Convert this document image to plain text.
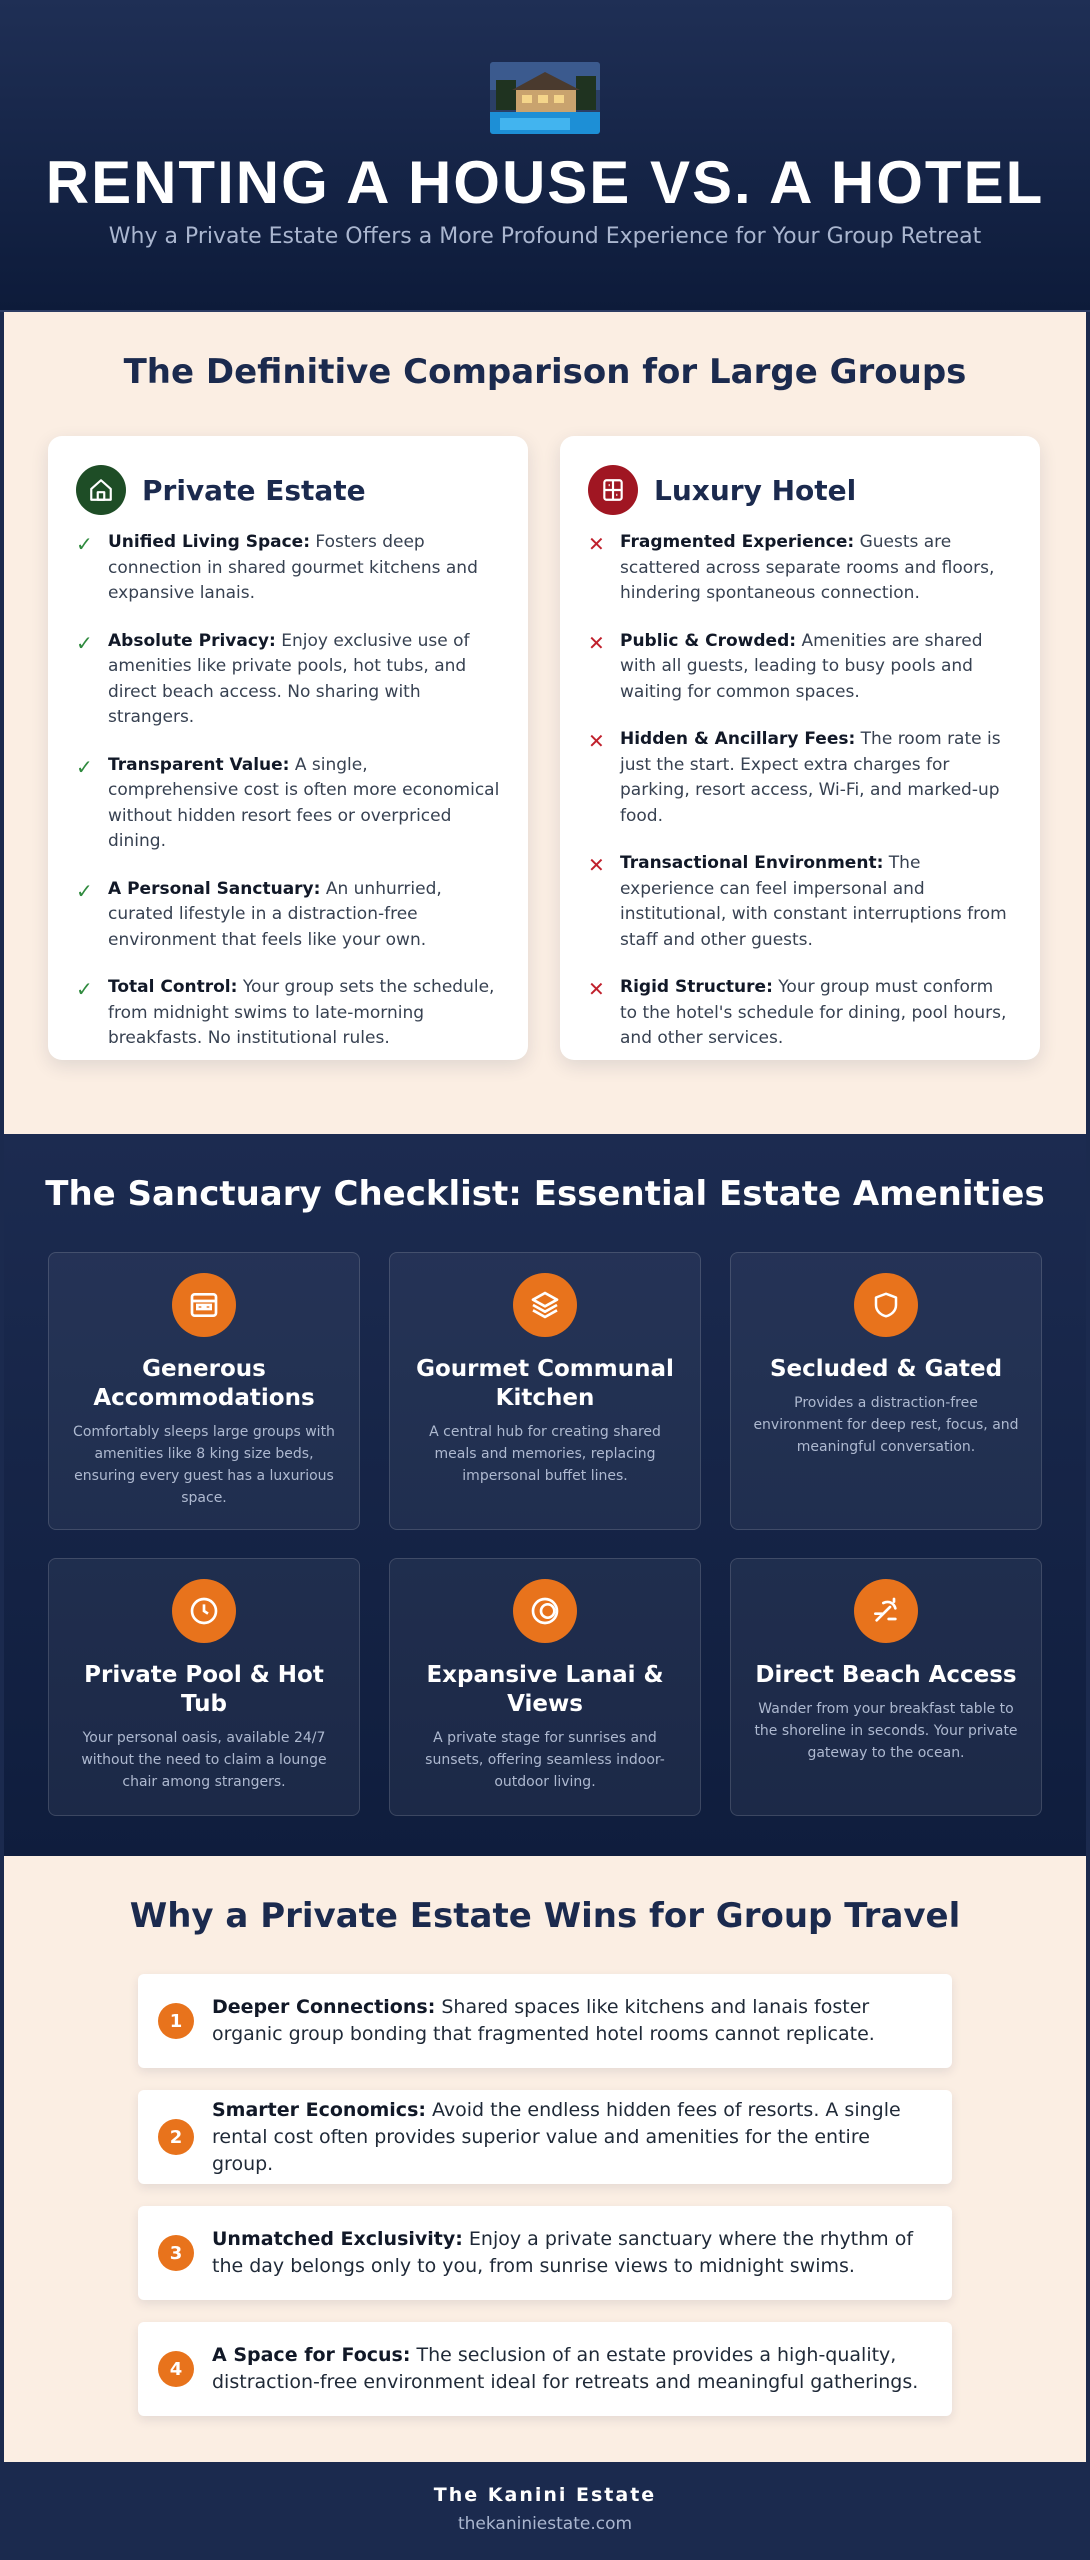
RENTING A HOUSE VS. A HOTEL

Why a Private Estate Offers a More Profound Experience for Your Group Retreat

The Definitive Comparison for Large Groups
Private Estate
✓ Unified Living Space: Fosters deep connection in shared gourmet kitchens and expansive lanais.

✓ Absolute Privacy: Enjoy exclusive use of amenities like private pools, hot tubs, and direct beach access. No sharing with strangers.

✓ Transparent Value: A single, comprehensive cost is often more economical without hidden resort fees or overpriced dining.

✓ A Personal Sanctuary: An unhurried, curated lifestyle in a distraction-free environment that feels like your own.

✓ Total Control: Your group sets the schedule, from midnight swims to late-morning breakfasts. No institutional rules.

Luxury Hotel
✕ Fragmented Experience: Guests are scattered across separate rooms and floors, hindering spontaneous connection.

✕ Public & Crowded: Amenities are shared with all guests, leading to busy pools and waiting for common spaces.

✕ Hidden & Ancillary Fees: The room rate is just the start. Expect extra charges for parking, resort access, Wi-Fi, and marked-up food.

✕ Transactional Environment: The experience can feel impersonal and institutional, with constant interruptions from staff and other guests.

✕ Rigid Structure: Your group must conform to the hotel's schedule for dining, pool hours, and other services.

The Sanctuary Checklist: Essential Estate Amenities
Generous Accommodations
Comfortably sleeps large groups with amenities like 8 king size beds, ensuring every guest has a luxurious space.
Gourmet Communal Kitchen
A central hub for creating shared meals and memories, replacing impersonal buffet lines.
Secluded & Gated
Provides a distraction-free environment for deep rest, focus, and meaningful conversation.
Private Pool & Hot Tub
Your personal oasis, available 24/7 without the need to claim a lounge chair among strangers.
Expansive Lanai & Views
A private stage for sunrises and sunsets, offering seamless indoor-outdoor living.
Direct Beach Access
Wander from your breakfast table to the shoreline in seconds. Your private gateway to the ocean.
Why a Private Estate Wins for Group Travel
1

Deeper Connections: Shared spaces like kitchens and lanais foster organic group bonding that fragmented hotel rooms cannot replicate.

2

Smarter Economics: Avoid the endless hidden fees of resorts. A single rental cost often provides superior value and amenities for the entire group.

3

Unmatched Exclusivity: Enjoy a private sanctuary where the rhythm of the day belongs only to you, from sunrise views to midnight swims.

4

A Space for Focus: The seclusion of an estate provides a high-quality, distraction-free environment ideal for retreats and meaningful gatherings.

The Kanini Estate
thekaniniestate.com
